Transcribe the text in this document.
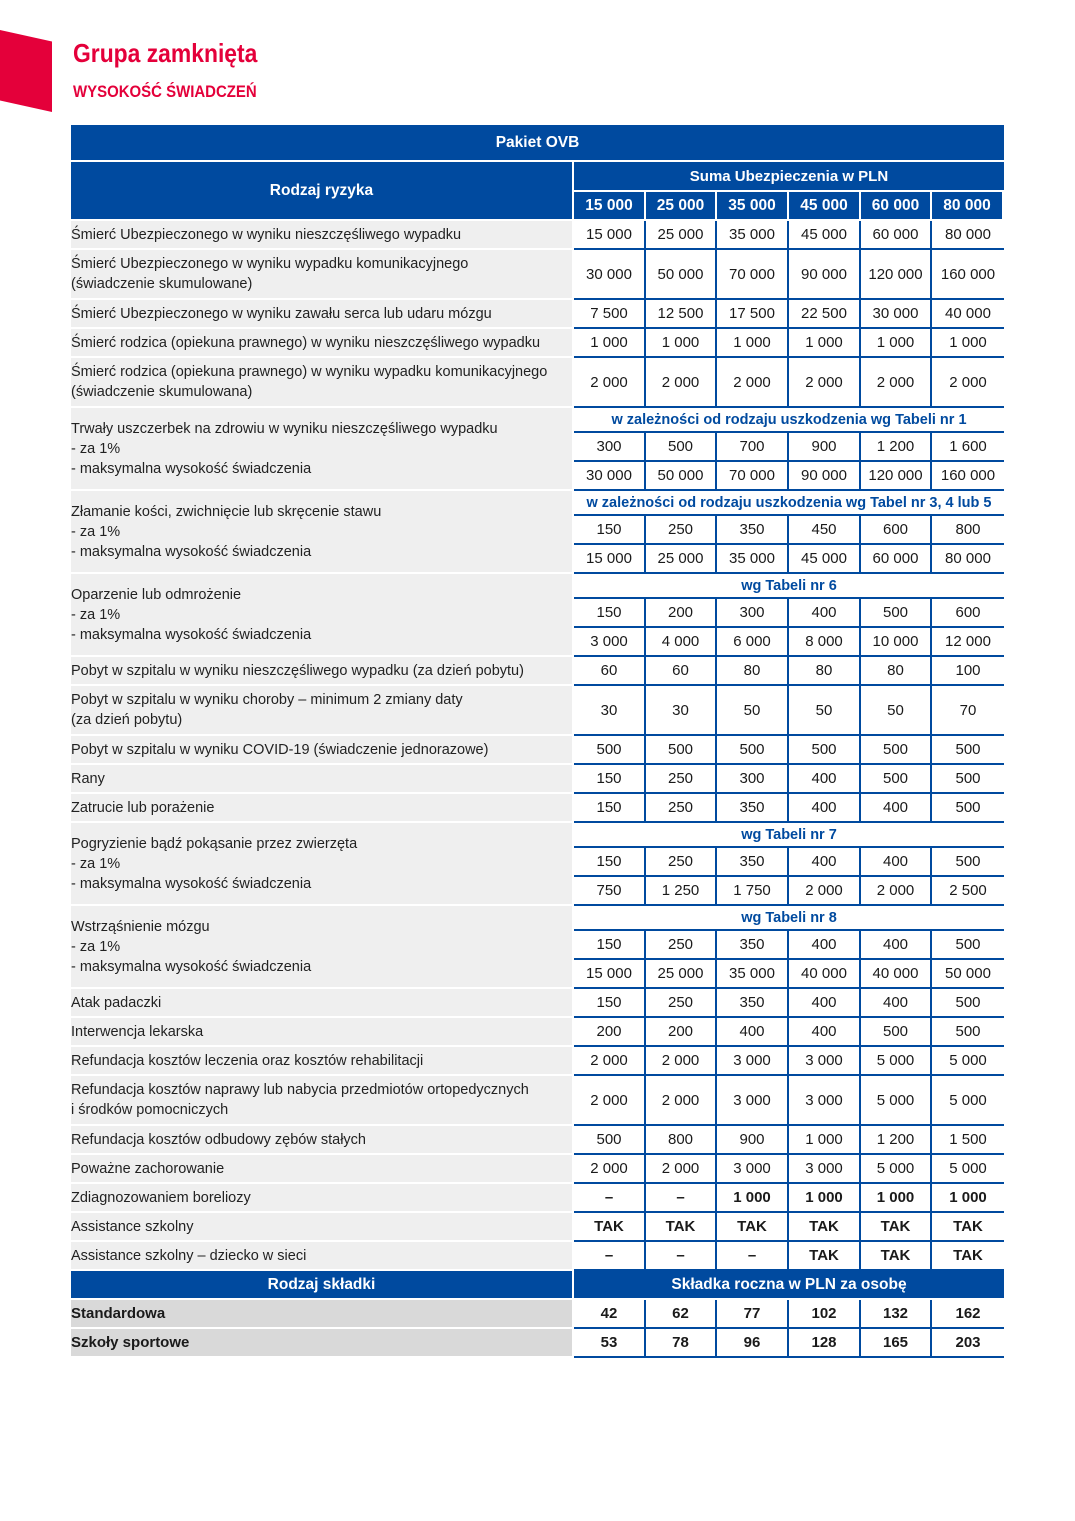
Grupa zamknięta
WYSOKOŚĆ ŚWIADCZEŃ
Pakiet OVB						
Rodzaj ryzyka	Suma Ubezpieczenia w PLN					
	15 000	25 000	35 000	45 000	60 000	80 000

Śmierć Ubezpieczonego w wyniku nieszczęśliwego wypadku	15 000	25 000	35 000	45 000	60 000	80 000

Śmierć Ubezpieczonego w wyniku wypadku komunikacyjnego
(świadczenie skumulowane)	30 000	50 000	70 000	90 000	120 000	160 000

Śmierć Ubezpieczonego w wyniku zawału serca lub udaru mózgu	7 500	12 500	17 500	22 500	30 000	40 000

Śmierć rodzica (opiekuna prawnego) w wyniku nieszczęśliwego wypadku	1 000	1 000	1 000	1 000	1 000	1 000

Śmierć rodzica (opiekuna prawnego) w wyniku wypadku komunikacyjnego
(świadczenie skumulowana)	2 000	2 000	2 000	2 000	2 000	2 000

Trwały uszczerbek na zdrowiu w wyniku nieszczęśliwego wypadku
- za 1%
- maksymalna wysokość świadczenia	w zależności od rodzaju uszkodzenia wg Tabeli nr 1					
	300	500	700	900	1 200	1 600
	30 000	50 000	70 000	90 000	120 000	160 000

Złamanie kości, zwichnięcie lub skręcenie stawu
- za 1%
- maksymalna wysokość świadczenia	w zależności od rodzaju uszkodzenia wg Tabel nr 3, 4 lub 5					
	150	250	350	450	600	800
	15 000	25 000	35 000	45 000	60 000	80 000

Oparzenie lub odmrożenie
- za 1%
- maksymalna wysokość świadczenia	wg Tabeli nr 6					
	150	200	300	400	500	600
	3 000	4 000	6 000	8 000	10 000	12 000

Pobyt w szpitalu w wyniku nieszczęśliwego wypadku (za dzień pobytu)	60	60	80	80	80	100

Pobyt w szpitalu w wyniku choroby – minimum 2 zmiany daty
(za dzień pobytu)	30	30	50	50	50	70

Pobyt w szpitalu w wyniku COVID-19 (świadczenie jednorazowe)	500	500	500	500	500	500

Rany	150	250	300	400	500	500

Zatrucie lub porażenie	150	250	350	400	400	500

Pogryzienie bądź pokąsanie przez zwierzęta
- za 1%
- maksymalna wysokość świadczenia	wg Tabeli nr 7					
	150	250	350	400	400	500
	750	1 250	1 750	2 000	2 000	2 500

Wstrząśnienie mózgu
- za 1%
- maksymalna wysokość świadczenia	wg Tabeli nr 8					
	150	250	350	400	400	500
	15 000	25 000	35 000	40 000	40 000	50 000

Atak padaczki	150	250	350	400	400	500

Interwencja lekarska	200	200	400	400	500	500

Refundacja kosztów leczenia oraz kosztów rehabilitacji	2 000	2 000	3 000	3 000	5 000	5 000

Refundacja kosztów naprawy lub nabycia przedmiotów ortopedycznych
i środków pomocniczych	2 000	2 000	3 000	3 000	5 000	5 000

Refundacja kosztów odbudowy zębów stałych	500	800	900	1 000	1 200	1 500

Poważne zachorowanie	2 000	2 000	3 000	3 000	5 000	5 000

Zdiagnozowaniem boreliozy	–	–	1 000	1 000	1 000	1 000

Assistance szkolny	TAK	TAK	TAK	TAK	TAK	TAK

Assistance szkolny – dziecko w sieci	–	–	–	TAK	TAK	TAK
Rodzaj składki	Składka roczna w PLN za osobę					
Standardowa	42	62	77	102	132	162
Szkoły sportowe	53	78	96	128	165	203
